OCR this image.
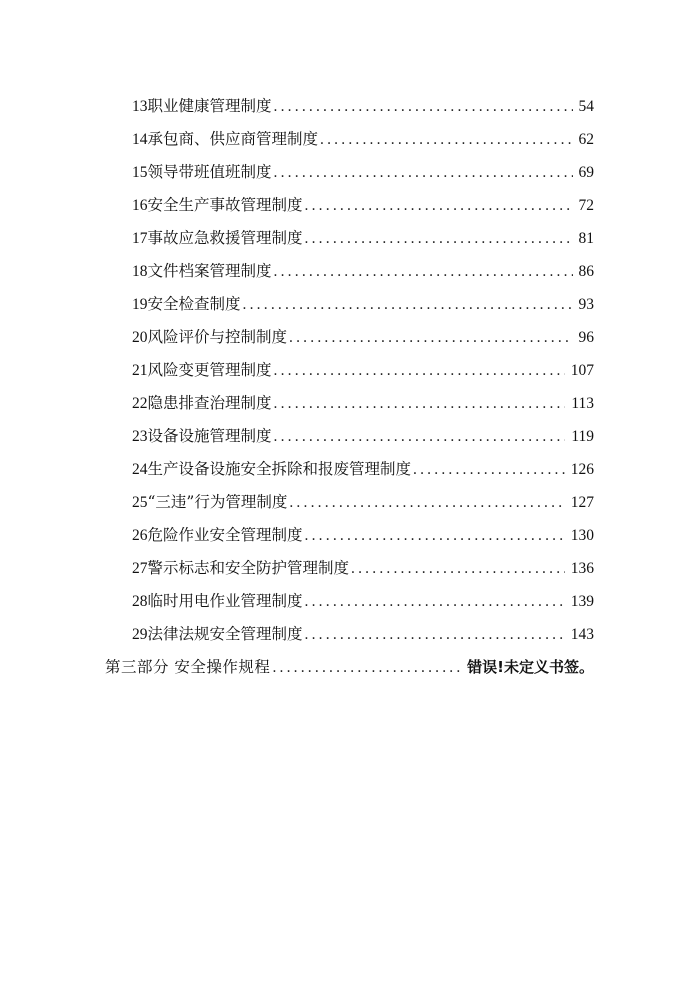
13 职业健康管理制度 .....	54
14 承包商、供应商管理制度 .....	62
15 领导带班值班制度 .....	69
16 安全生产事故管理制度 .....	72
17 事故应急救援管理制度 .....	81
18 文件档案管理制度 .....	86
19 安全检查制度 .....	93
20 风险评价与控制制度 .....	96
21 风险变更管理制度 .....	107
22 隐患排查治理制度 .....	113
23 设备设施管理制度 .....	119
24 生产设备设施安全拆除和报废管理制度 .....	126
25 “三违”行为管理制度 .....	127
26 危险作业安全管理制度 .....	130
27 警示标志和安全防护管理制度 .....	136
28 临时用电作业管理制度 .....	139
29 法律法规安全管理制度 .....	143
第三部分 安全操作规程 .....	错误!未定义书签。
